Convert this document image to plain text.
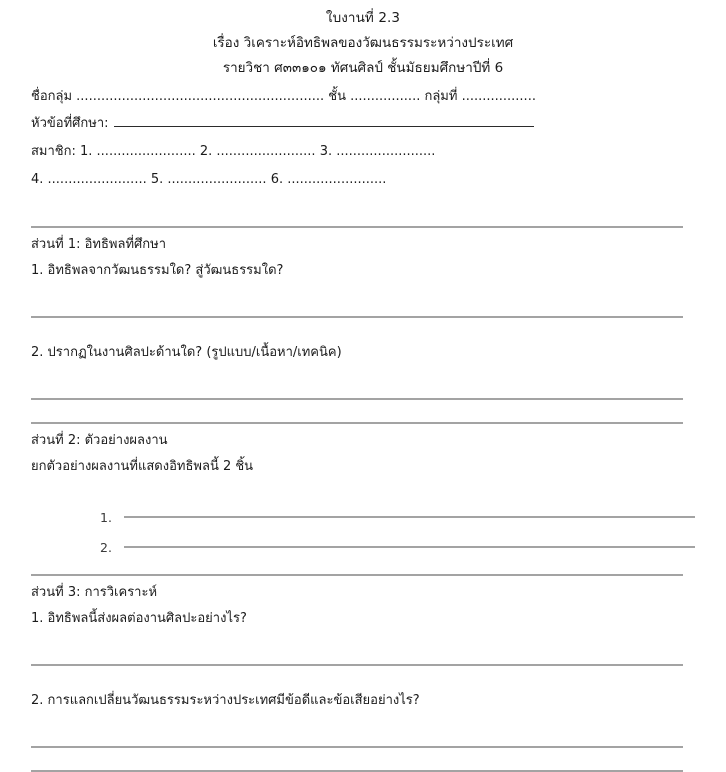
ใบงานที่ 2.3
เรื่อง วิเคราะห์อิทธิพลของวัฒนธรรมระหว่างประเทศ
รายวิชา ศ๓๓๑๐๑ ทัศนศิลป์ ชั้นมัธยมศึกษาปีที่ 6
ชื่อกลุ่ม ............................................................ ชั้น ................. กลุ่มที่ ..................
หัวข้อที่ศึกษา:
สมาชิก: 1. ........................ 2. ........................ 3. ........................
4. ........................ 5. ........................ 6. ........................
ส่วนที่ 1: อิทธิพลที่ศึกษา
1. อิทธิพลจากวัฒนธรรมใด? สู่วัฒนธรรมใด?
2. ปรากฏในงานศิลปะด้านใด? (รูปแบบ/เนื้อหา/เทคนิค)
ส่วนที่ 2: ตัวอย่างผลงาน
ยกตัวอย่างผลงานที่แสดงอิทธิพลนี้ 2 ชิ้น
1.
2.
ส่วนที่ 3: การวิเคราะห์
1. อิทธิพลนี้ส่งผลต่องานศิลปะอย่างไร?
2. การแลกเปลี่ยนวัฒนธรรมระหว่างประเทศมีข้อดีและข้อเสียอย่างไร?
